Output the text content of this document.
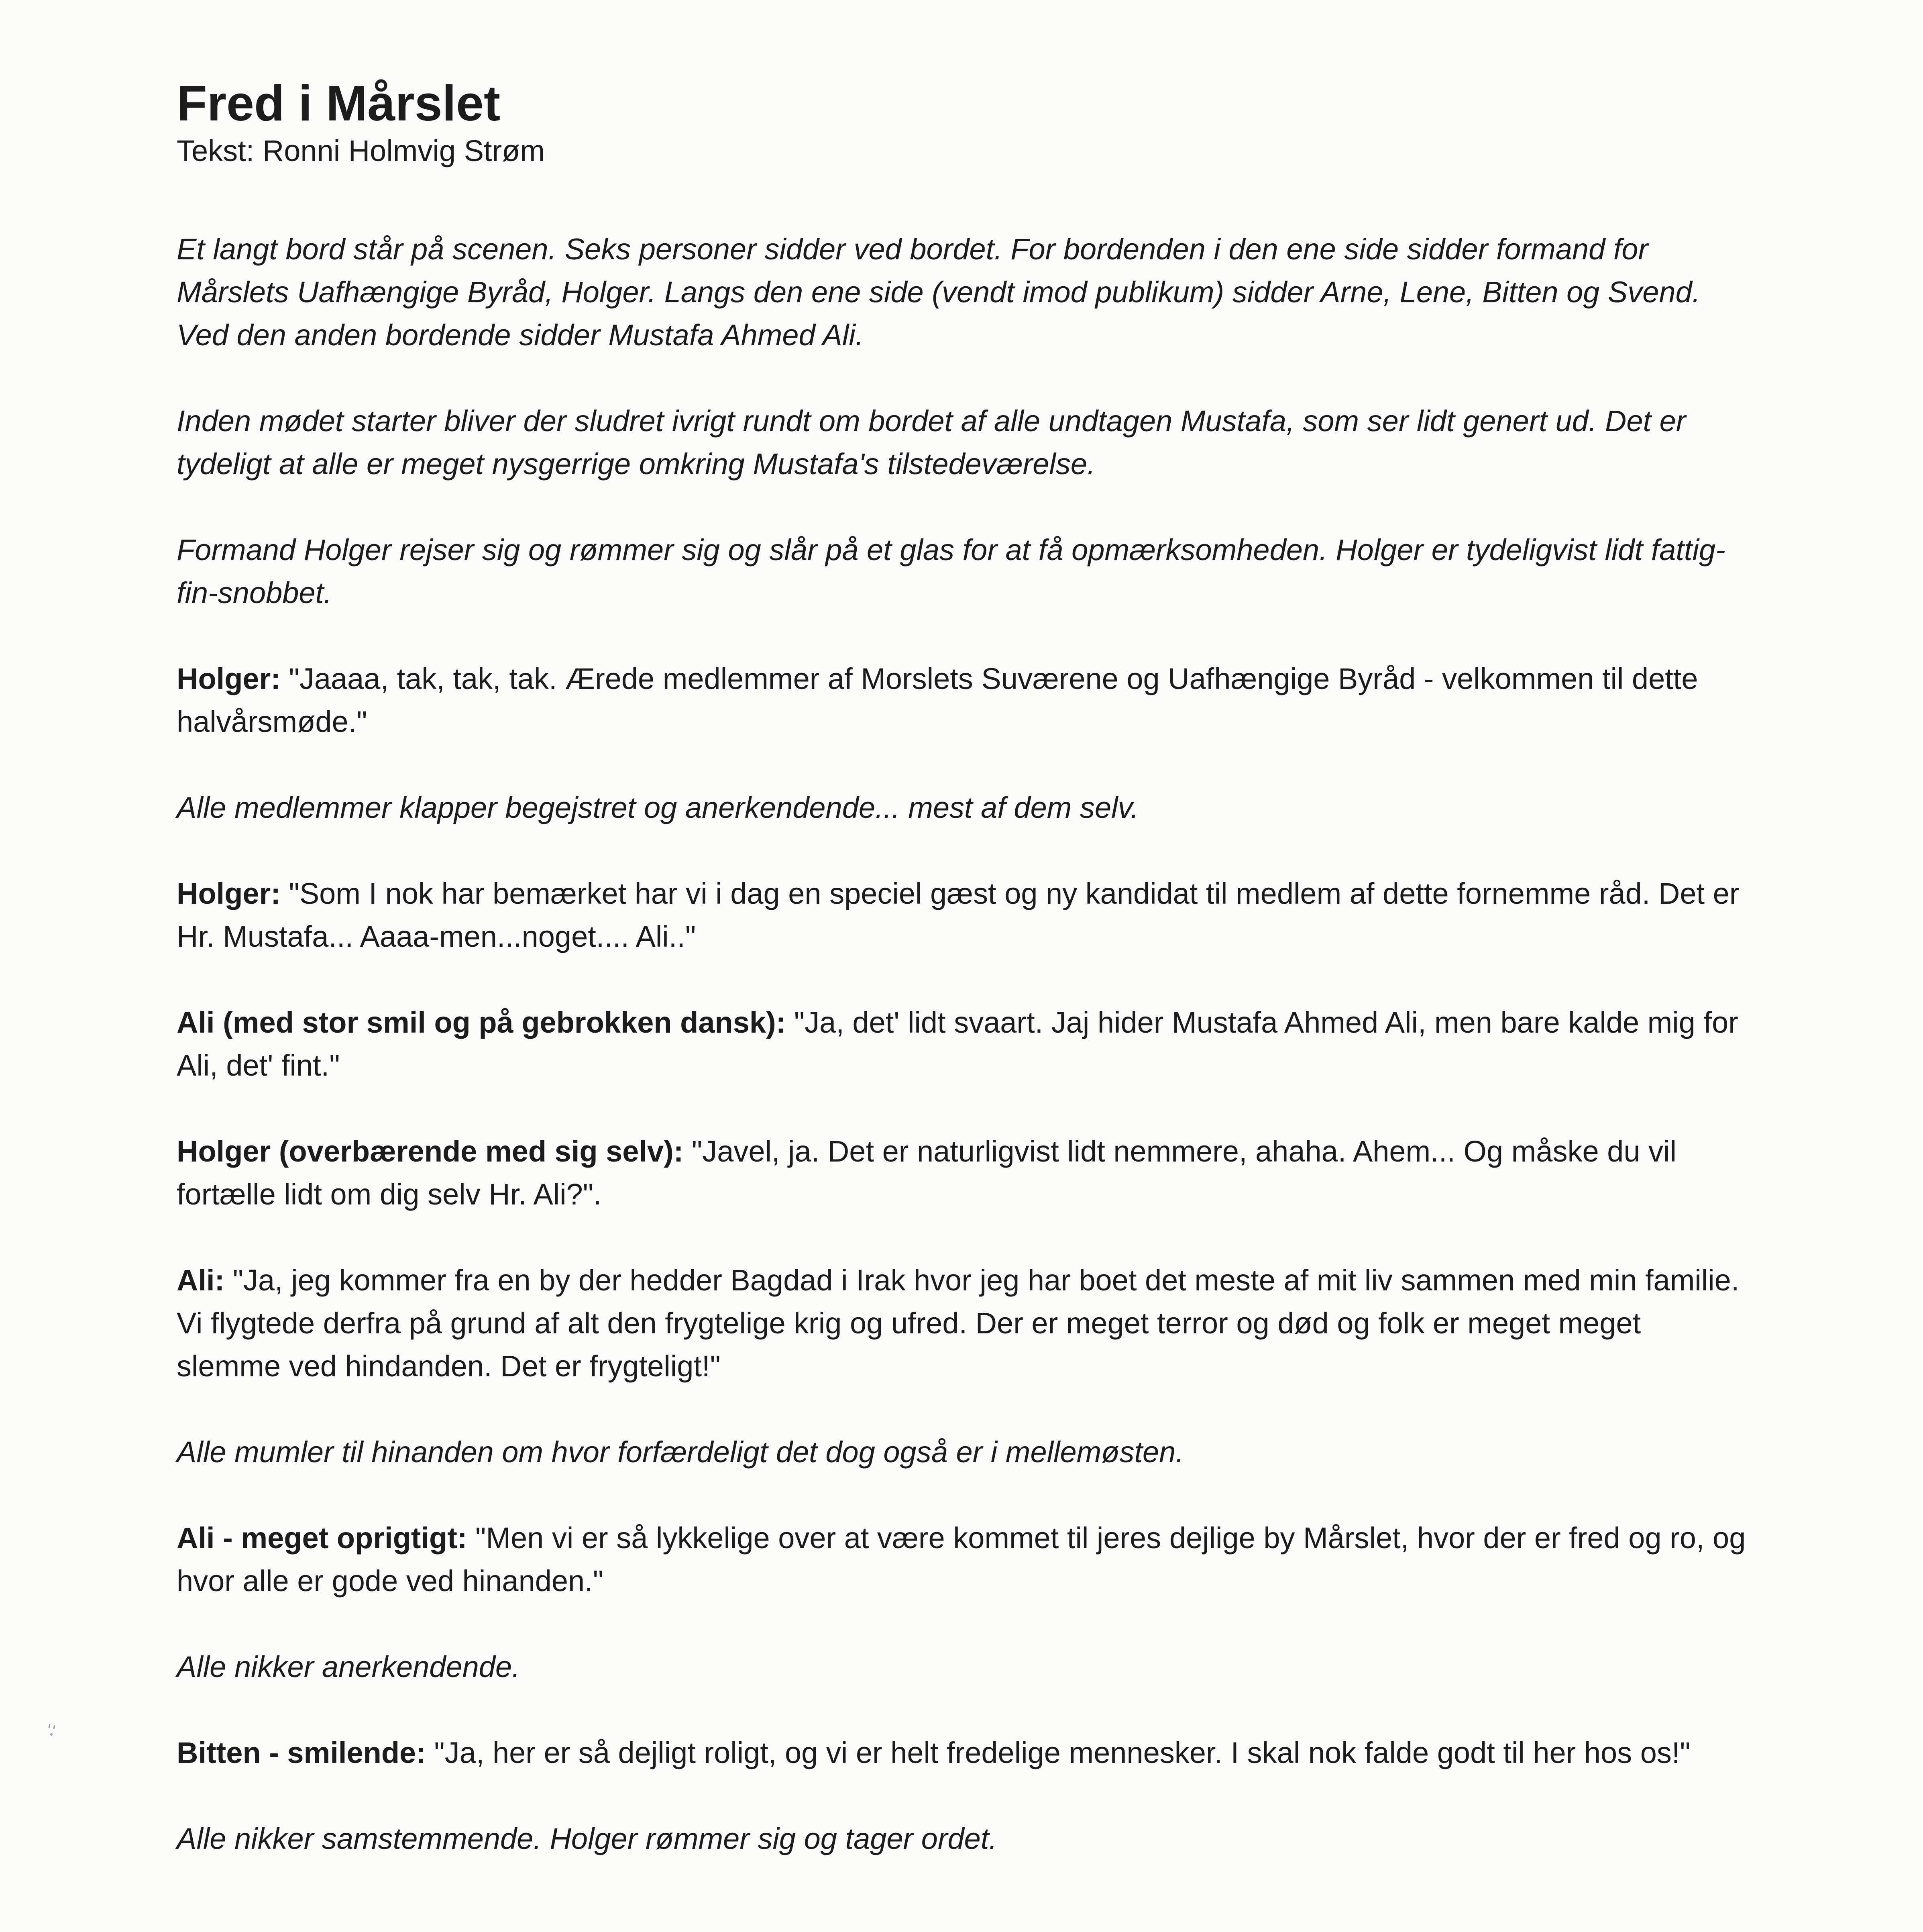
Fred i Mårslet

Tekst: Ronni Holmvig Strøm

Et langt bord står på scenen. Seks personer sidder ved bordet. For bordenden i den ene side sidder formand for Mårslets Uafhængige Byråd, Holger. Langs den ene side (vendt imod publikum) sidder Arne, Lene, Bitten og Svend. Ved den anden bordende sidder Mustafa Ahmed Ali.

Inden mødet starter bliver der sludret ivrigt rundt om bordet af alle undtagen Mustafa, som ser lidt genert ud. Det er tydeligt at alle er meget nysgerrige omkring Mustafa's tilstedeværelse.

Formand Holger rejser sig og rømmer sig og slår på et glas for at få opmærksomheden. Holger er tydeligvist lidt fattig-fin-snobbet.

Holger: "Jaaaa, tak, tak, tak. Ærede medlemmer af Morslets Suværene og Uafhængige Byråd - velkommen til dette halvårsmøde."

Alle medlemmer klapper begejstret og anerkendende... mest af dem selv.

Holger: "Som I nok har bemærket har vi i dag en speciel gæst og ny kandidat til medlem af dette fornemme råd. Det er Hr. Mustafa... Aaaa-men...noget.... Ali.."

Ali (med stor smil og på gebrokken dansk): "Ja, det' lidt svaart. Jaj hider Mustafa Ahmed Ali, men bare kalde mig for Ali, det' fint."

Holger (overbærende med sig selv): "Javel, ja. Det er naturligvist lidt nemmere, ahaha. Ahem... Og måske du vil fortælle lidt om dig selv Hr. Ali?".

Ali: "Ja, jeg kommer fra en by der hedder Bagdad i Irak hvor jeg har boet det meste af mit liv sammen med min familie. Vi flygtede derfra på grund af alt den frygtelige krig og ufred. Der er meget terror og død og folk er meget meget slemme ved hindanden. Det er frygteligt!"

Alle mumler til hinanden om hvor forfærdeligt det dog også er i mellemøsten.

Ali - meget oprigtigt: "Men vi er så lykkelige over at være kommet til jeres dejlige by Mårslet, hvor der er fred og ro, og hvor alle er gode ved hinanden."

Alle nikker anerkendende.

Bitten - smilende: "Ja, her er så dejligt roligt, og vi er helt fredelige mennesker. I skal nok falde godt til her hos os!"

Alle nikker samstemmende. Holger rømmer sig og tager ordet.
